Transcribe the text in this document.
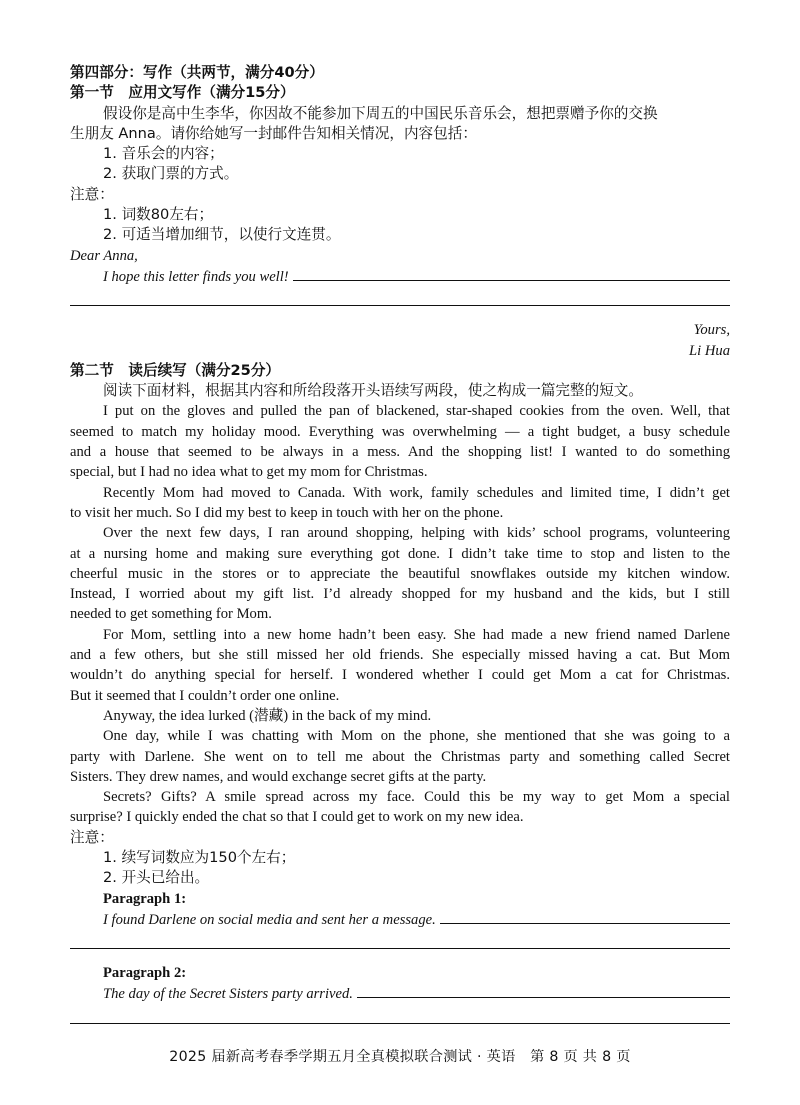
第四部分：写作（共两节，满分40分）
第一节　应用文写作（满分15分）
假设你是高中生李华，你因故不能参加下周五的中国民乐音乐会，想把票赠予你的交换
生朋友 Anna。请你给她写一封邮件告知相关情况，内容包括：
1. 音乐会的内容；
2. 获取门票的方式。
注意：
1. 词数80左右；
2. 可适当增加细节，以使行文连贯。
Dear Anna,
I hope this letter finds you well!
Yours,
Li Hua
第二节　读后续写（满分25分）
阅读下面材料，根据其内容和所给段落开头语续写两段，使之构成一篇完整的短文。
I put on the gloves and pulled the pan of blackened, star-shaped cookies from the oven. Well, that
seemed to match my holiday mood. Everything was overwhelming — a tight budget, a busy schedule
and a house that seemed to be always in a mess. And the shopping list! I wanted to do something
special, but I had no idea what to get my mom for Christmas.
Recently Mom had moved to Canada. With work, family schedules and limited time, I didn’t get
to visit her much. So I did my best to keep in touch with her on the phone.
Over the next few days, I ran around shopping, helping with kids’ school programs, volunteering
at a nursing home and making sure everything got done. I didn’t take time to stop and listen to the
cheerful music in the stores or to appreciate the beautiful snowflakes outside my kitchen window.
Instead, I worried about my gift list. I’d already shopped for my husband and the kids, but I still
needed to get something for Mom.
For Mom, settling into a new home hadn’t been easy. She had made a new friend named Darlene
and a few others, but she still missed her old friends. She especially missed having a cat. But Mom
wouldn’t do anything special for herself. I wondered whether I could get Mom a cat for Christmas.
But it seemed that I couldn’t order one online.
Anyway, the idea lurked (潜藏) in the back of my mind.
One day, while I was chatting with Mom on the phone, she mentioned that she was going to a
party with Darlene. She went on to tell me about the Christmas party and something called Secret
Sisters. They drew names, and would exchange secret gifts at the party.
Secrets? Gifts? A smile spread across my face. Could this be my way to get Mom a special
surprise? I quickly ended the chat so that I could get to work on my new idea.
注意：
1. 续写词数应为150个左右；
2. 开头已给出。
Paragraph 1:
I found Darlene on social media and sent her a message.
Paragraph 2:
The day of the Secret Sisters party arrived.
2025 届新高考春季学期五月全真模拟联合测试 · 英语　第 8 页 共 8 页
